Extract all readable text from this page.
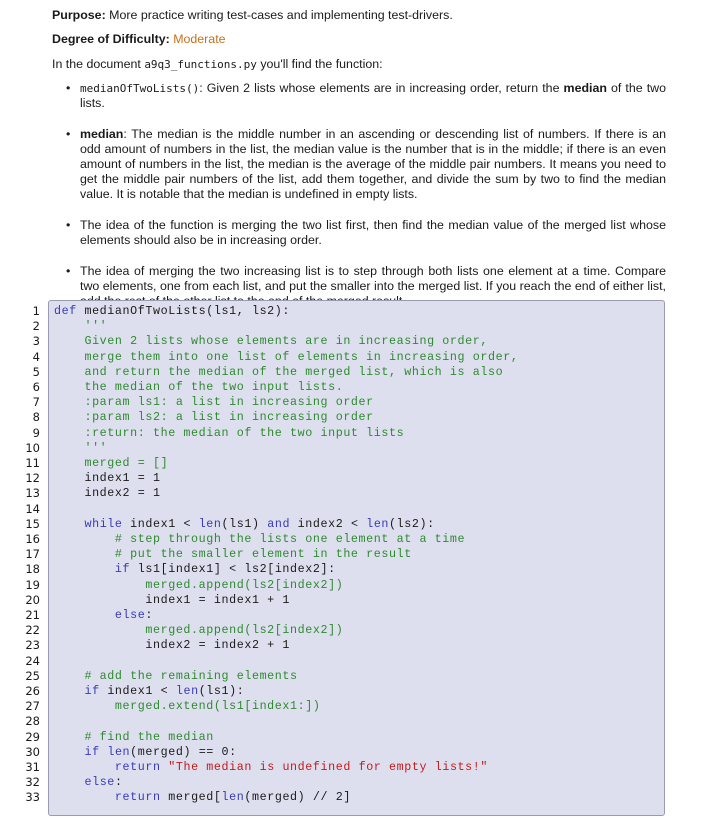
Purpose: More practice writing test-cases and implementing test-drivers.
Degree of Difficulty: Moderate
In the document a9q3_functions.py you'll find the function:
• medianOfTwoLists(): Given 2 lists whose elements are in increasing order, return the median of the two lists.
• median: The median is the middle number in an ascending or descending list of numbers. If there is an odd amount of numbers in the list, the median value is the number that is in the middle; if there is an even amount of numbers in the list, the median is the average of the middle pair numbers. It means you need to get the middle pair numbers of the list, add them together, and divide the sum by two to find the median value. It is notable that the median is undefined in empty lists.
• The idea of the function is merging the two list first, then find the median value of the merged list whose elements should also be in increasing order.
• The idea of merging the two increasing list is to step through both lists one element at a time. Compare two elements, one from each list, and put the smaller into the merged list. If you reach the end of either list,
1
2
3
4
5
6
7
8
9
10
11
12
13
14
15
16
17
18
19
20
21
22
23
24
25
26
27
28
29
30
31
32
33
def medianOfTwoLists(ls1, ls2):
'''
Given 2 lists whose elements are in increasing order,
merge them into one list of elements in increasing order,
and return the median of the merged list, which is also
the median of the two input lists.
:param ls1: a list in increasing order
:param ls2: a list in increasing order
:return: the median of the two input lists
'''
merged = []
index1 = 1
index2 = 1
while index1 < len(ls1) and index2 < len(ls2):
# step through the lists one element at a time
# put the smaller element in the result
if ls1[index1] < ls2[index2]:
merged.append(ls2[index2])
index1 = index1 + 1
else:
merged.append(ls2[index2])
index2 = index2 + 1
# add the remaining elements
if index1 < len(ls1):
merged.extend(ls1[index1:])
# find the median
if len(merged) == 0:
return "The median is undefined for empty lists!"
else:
return merged[len(merged) // 2]
